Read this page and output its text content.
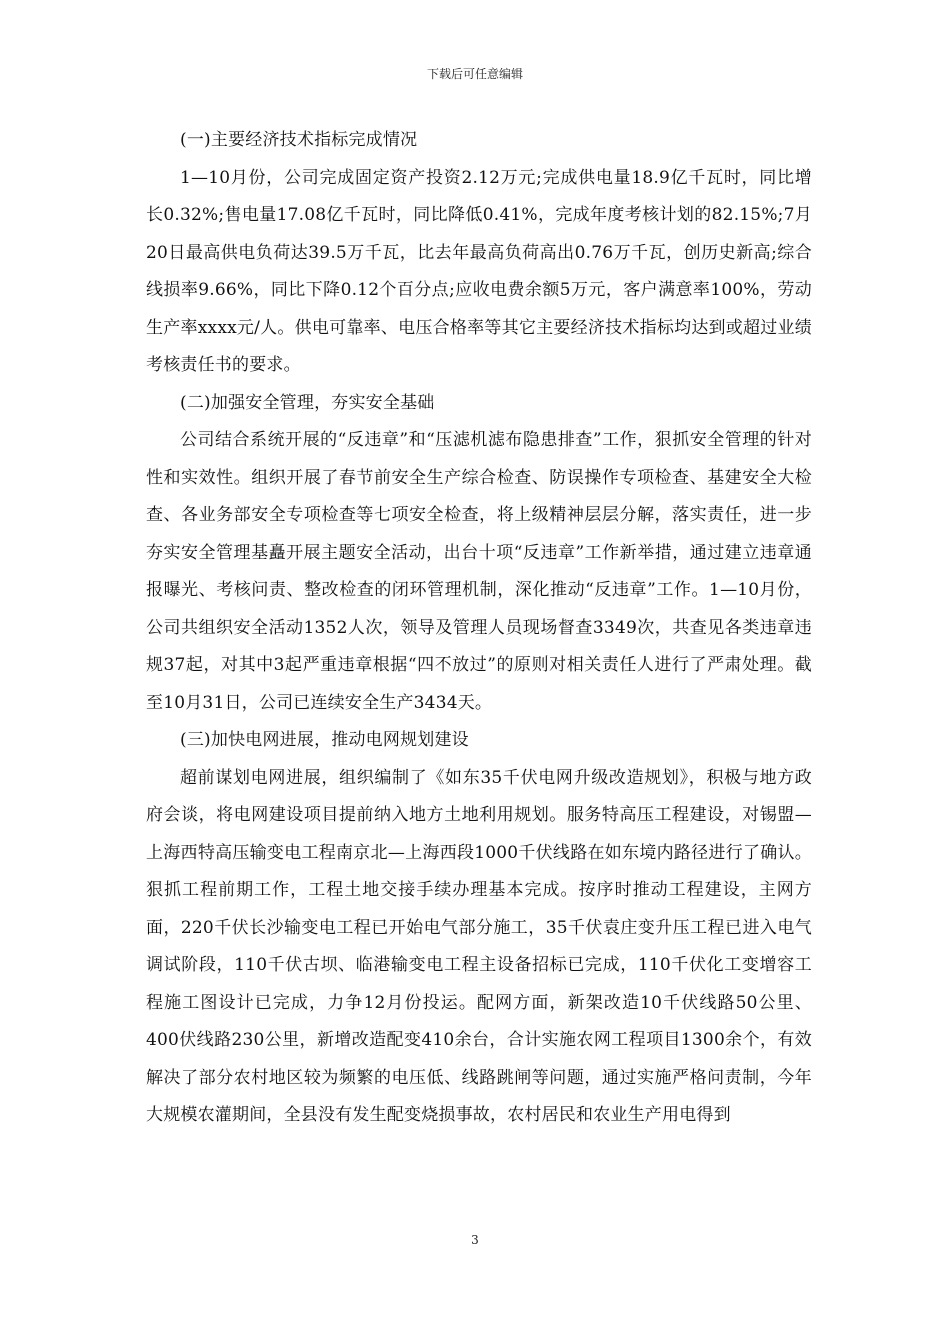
下载后可任意编辑

(一)主要经济技术指标完成情况

1—10月份，公司完成固定资产投资2.12万元;完成供电量18.9亿千瓦时，同比增长0.32%;售电量17.08亿千瓦时，同比降低0.41%，完成年度考核计划的82.15%;7月20日最高供电负荷达39.5万千瓦，比去年最高负荷高出0.76万千瓦，创历史新高;综合线损率9.66%，同比下降0.12个百分点;应收电费余额5万元，客户满意率100%，劳动生产率xxxx元/人。供电可靠率、电压合格率等其它主要经济技术指标均达到或超过业绩考核责任书的要求。

(二)加强安全管理，夯实安全基础

公司结合系统开展的“反违章”和“压滤机滤布隐患排查”工作，狠抓安全管理的针对性和实效性。组织开展了春节前安全生产综合检查、防误操作专项检查、基建安全大检查、各业务部安全专项检查等七项安全检查，将上级精神层层分解，落实责任，进一步夯实安全管理基矗开展主题安全活动，出台十项“反违章”工作新举措，通过建立违章通报曝光、考核问责、整改检查的闭环管理机制，深化推动“反违章”工作。1—10月份，公司共组织安全活动1352人次，领导及管理人员现场督查3349次，共查见各类违章违规37起，对其中3起严重违章根据“四不放过”的原则对相关责任人进行了严肃处理。截至10月31日，公司已连续安全生产3434天。

(三)加快电网进展，推动电网规划建设

超前谋划电网进展，组织编制了《如东35千伏电网升级改造规划》，积极与地方政府会谈，将电网建设项目提前纳入地方土地利用规划。服务特高压工程建设，对锡盟—上海西特高压输变电工程南京北—上海西段1000千伏线路在如东境内路径进行了确认。狠抓工程前期工作，工程土地交接手续办理基本完成。按序时推动工程建设，主网方面，220千伏长沙输变电工程已开始电气部分施工，35千伏袁庄变升压工程已进入电气调试阶段，110千伏古坝、临港输变电工程主设备招标已完成，110千伏化工变增容工程施工图设计已完成，力争12月份投运。配网方面，新架改造10千伏线路50公里、400伏线路230公里，新增改造配变410余台，合计实施农网工程项目1300余个，有效解决了部分农村地区较为频繁的电压低、线路跳闸等问题，通过实施严格问责制，今年大规模农灌期间，全县没有发生配变烧损事故，农村居民和农业生产用电得到

3
